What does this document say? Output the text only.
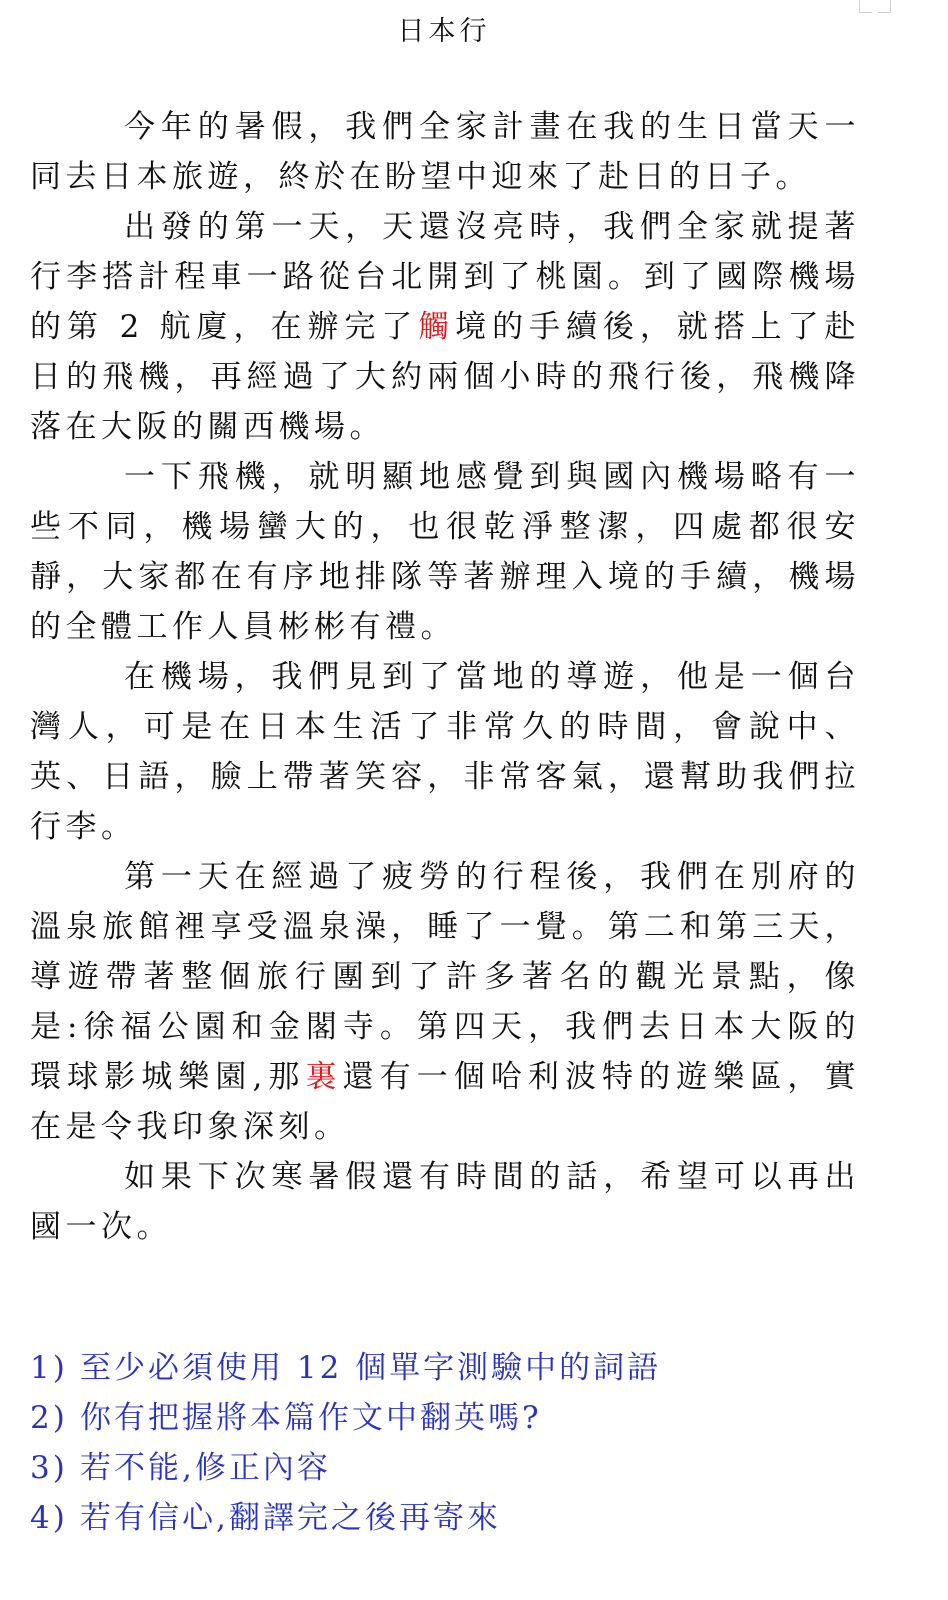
日本行

今年的暑假，我們全家計畫在我的生日當天一同去日本旅遊，終於在盼望中迎來了赴日的日子。

出發的第一天，天還沒亮時，我們全家就提著行李搭計程車一路從台北開到了桃園。到了國際機場的第 2 航廈，在辦完了觸境的手續後，就搭上了赴日的飛機，再經過了大約兩個小時的飛行後，飛機降落在大阪的關西機場。

一下飛機，就明顯地感覺到與國內機場略有一些不同，機場蠻大的，也很乾淨整潔，四處都很安靜，大家都在有序地排隊等著辦理入境的手續，機場的全體工作人員彬彬有禮。

在機場，我們見到了當地的導遊，他是一個台灣人，可是在日本生活了非常久的時間，會說中、英、日語，臉上帶著笑容，非常客氣，還幫助我們拉行李。

第一天在經過了疲勞的行程後，我們在別府的溫泉旅館裡享受溫泉澡，睡了一覺。第二和第三天，導遊帶著整個旅行團到了許多著名的觀光景點，像是:徐福公園和金閣寺。第四天，我們去日本大阪的環球影城樂園,那裏還有一個哈利波特的遊樂區，實在是令我印象深刻。

如果下次寒暑假還有時間的話，希望可以再出國一次。

1) 至少必須使用 12 個單字測驗中的詞語
2) 你有把握將本篇作文中翻英嗎?
3) 若不能,修正內容
4) 若有信心,翻譯完之後再寄來
